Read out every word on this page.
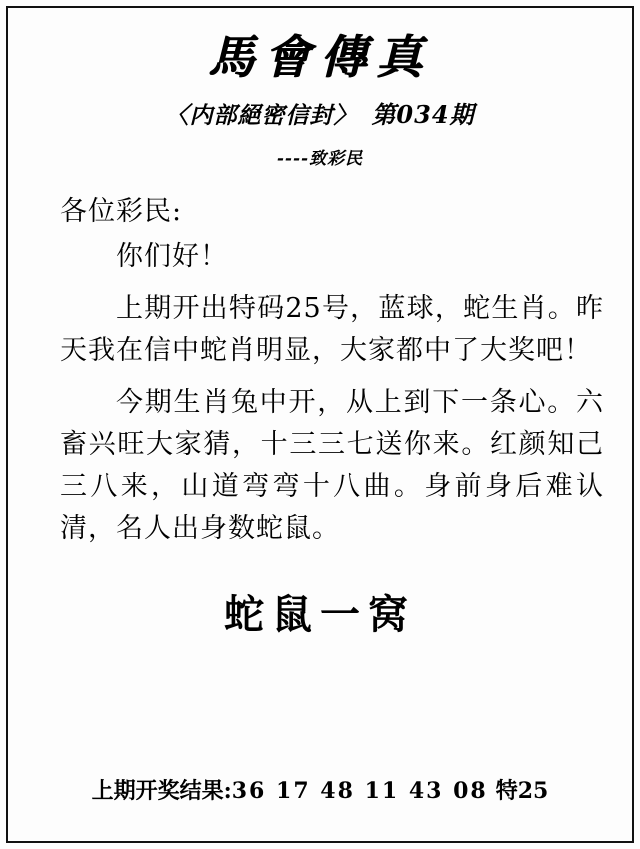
馬會傳真
〈内部絕密信封〉 第034期
----致彩民
各位彩民:
你们好！

上期开出特码25号，蓝球，蛇生肖。昨天我在信中蛇肖明显，大家都中了大奖吧！

今期生肖兔中开，从上到下一条心。六畜兴旺大家猜，十三三七送你来。红颜知己三八来，山道弯弯十八曲。身前身后难认清，名人出身数蛇鼠。

蛇鼠一窝
上期开奖结果:36 17 48 11 43 08 特25
